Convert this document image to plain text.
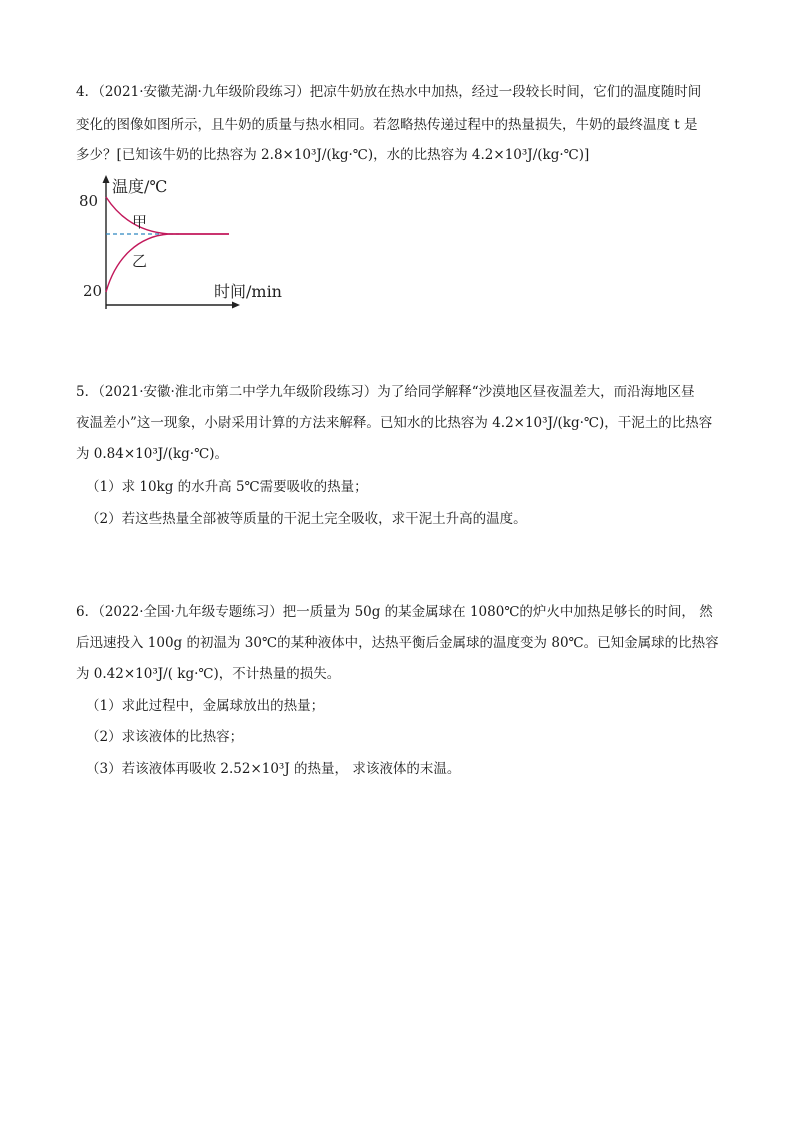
4．（2021·安徽芜湖·九年级阶段练习）把凉牛奶放在热水中加热，经过一段较长时间，它们的温度随时间
变化的图像如图所示，且牛奶的质量与热水相同。若忽略热传递过程中的热量损失，牛奶的最终温度 t 是
多少？[已知该牛奶的比热容为 2.8×10³J/(kg·℃)，水的比热容为 4.2×10³J/(kg·℃)]
温度/℃
80
20
甲
乙
时间/min
5．（2021·安徽·淮北市第二中学九年级阶段练习）为了给同学解释“沙漠地区昼夜温差大，而沿海地区昼
夜温差小”这一现象，小尉采用计算的方法来解释。已知水的比热容为 4.2×10³J/(kg·℃)，干泥土的比热容
为 0.84×10³J/(kg·℃)。
（1）求 10kg 的水升高 5℃需要吸收的热量；
（2）若这些热量全部被等质量的干泥土完全吸收，求干泥土升高的温度。
6．（2022·全国·九年级专题练习）把一质量为 50g 的某金属球在 1080℃的炉火中加热足够长的时间， 然
后迅速投入 100g 的初温为 30℃的某种液体中，达热平衡后金属球的温度变为 80℃。已知金属球的比热容
为 0.42×10³J/( kg·℃)，不计热量的损失。
（1）求此过程中，金属球放出的热量；
（2）求该液体的比热容；
（3）若该液体再吸收 2.52×10³J 的热量， 求该液体的末温。
